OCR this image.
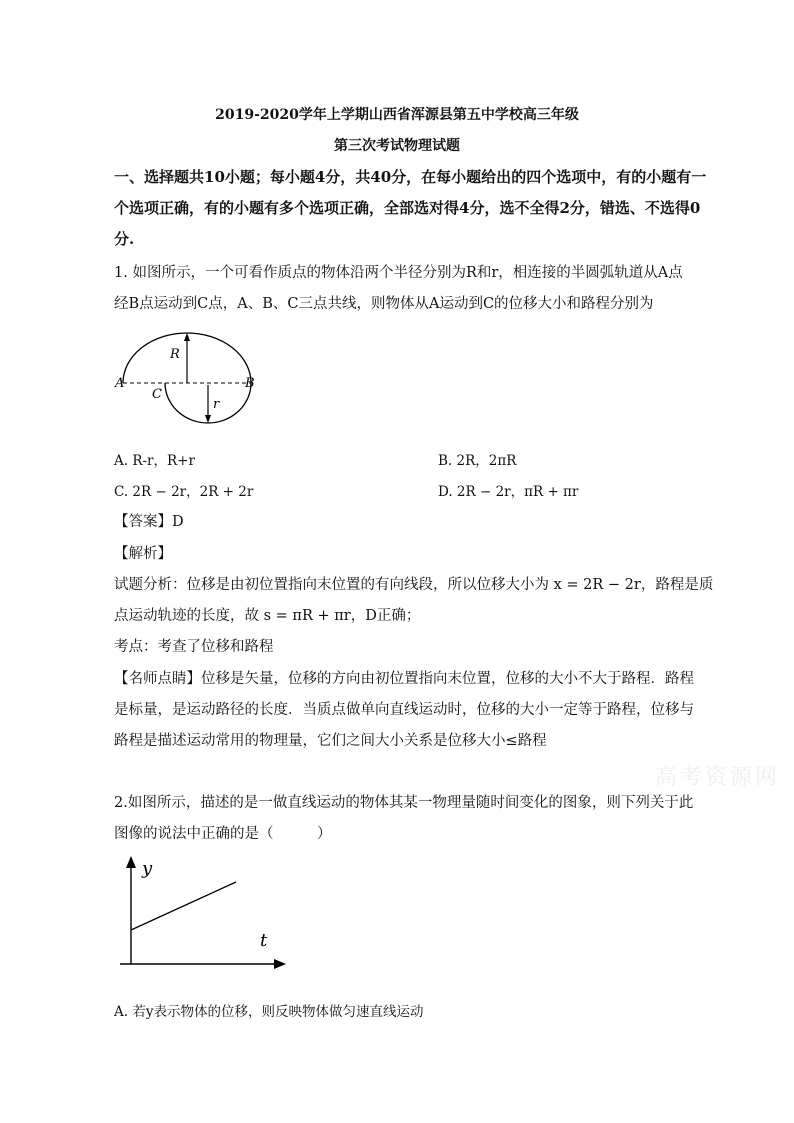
2019-2020学年上学期山西省浑源县第五中学校高三年级
第三次考试物理试题
一、选择题共10小题；每小题4分，共40分，在每小题给出的四个选项中，有的小题有一
个选项正确，有的小题有多个选项正确，全部选对得4分，选不全得2分，错选、不选得0
分.
1. 如图所示，一个可看作质点的物体沿两个半径分别为R和r，相连接的半圆弧轨道从A点
经B点运动到C点，A、B、C三点共线，则物体从A运动到C的位移大小和路程分别为
R
r
A	B
C
A. R-r，R+r	B. 2R，2πR
C. 2R − 2r，2R + 2r	D. 2R − 2r，πR + πr
【答案】D
【解析】
试题分析：位移是由初位置指向末位置的有向线段，所以位移大小为 x = 2R − 2r，路程是质
点运动轨迹的长度，故 s = πR + πr，D正确；
考点：考查了位移和路程
【名师点睛】位移是矢量，位移的方向由初位置指向末位置，位移的大小不大于路程．路程
是标量，是运动路径的长度．当质点做单向直线运动时，位移的大小一定等于路程，位移与
路程是描述运动常用的物理量，它们之间大小关系是位移大小≤路程
高考资源网
2.如图所示，描述的是一做直线运动的物体其某一物理量随时间变化的图象，则下列关于此
图像的说法中正确的是（　　　）
y
t
A. 若y表示物体的位移，则反映物体做匀速直线运动
